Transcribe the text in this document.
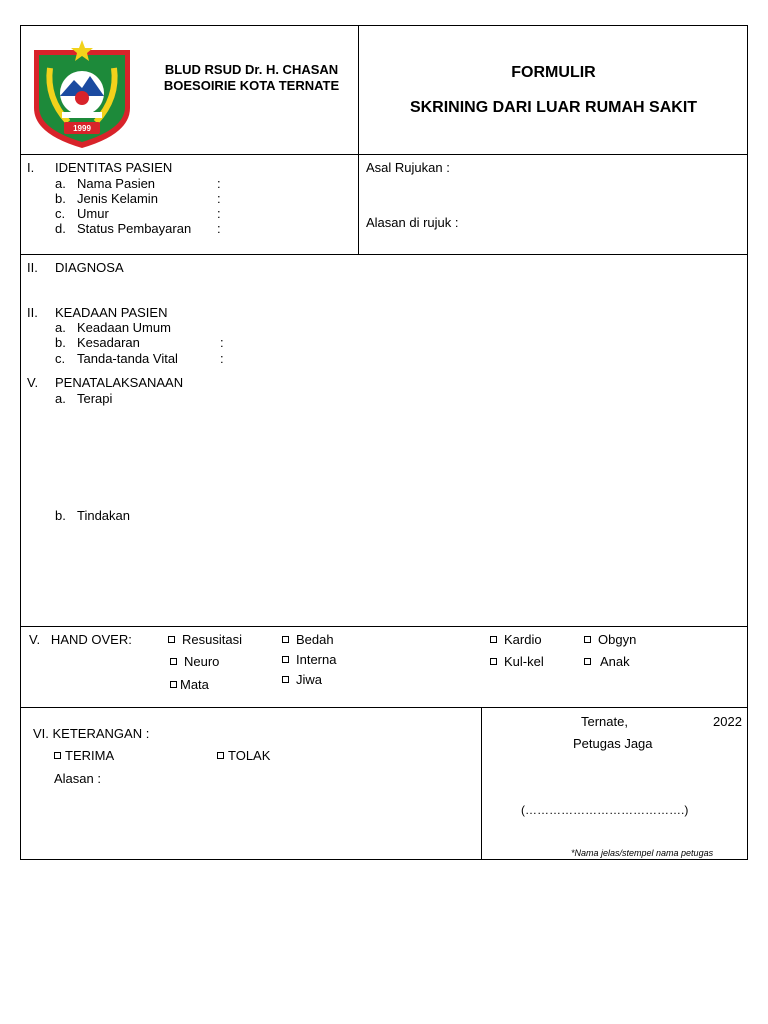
1999
BLUD RSUD Dr. H. CHASAN
BOESOIRIE KOTA TERNATE
FORMULIR
SKRINING DARI LUAR RUMAH SAKIT
I. IDENTITAS PASIEN
a. Nama Pasien	:
b. Jenis Kelamin	:
c. Umur	:
d. Status Pembayaran :
Asal Rujukan :
Alasan di rujuk :
II. DIAGNOSA
II. KEADAAN PASIEN
a. Keadaan Umum
b. Kesadaran	:
c. Tanda-tanda Vital	:
V. PENATALAKSANAAN
a. Terapi
b. Tindakan
V.   HAND OVER:	Resusitasi
Neuro
Mata
Bedah
Interna
Jiwa
Kardio
Kul-kel
Obgyn
Anak
VI. KETERANGAN :
TERIMA	TOLAK
Alasan :
Ternate,	2022
Petugas Jaga
(………………………………….)
*Nama jelas/stempel nama petugas
